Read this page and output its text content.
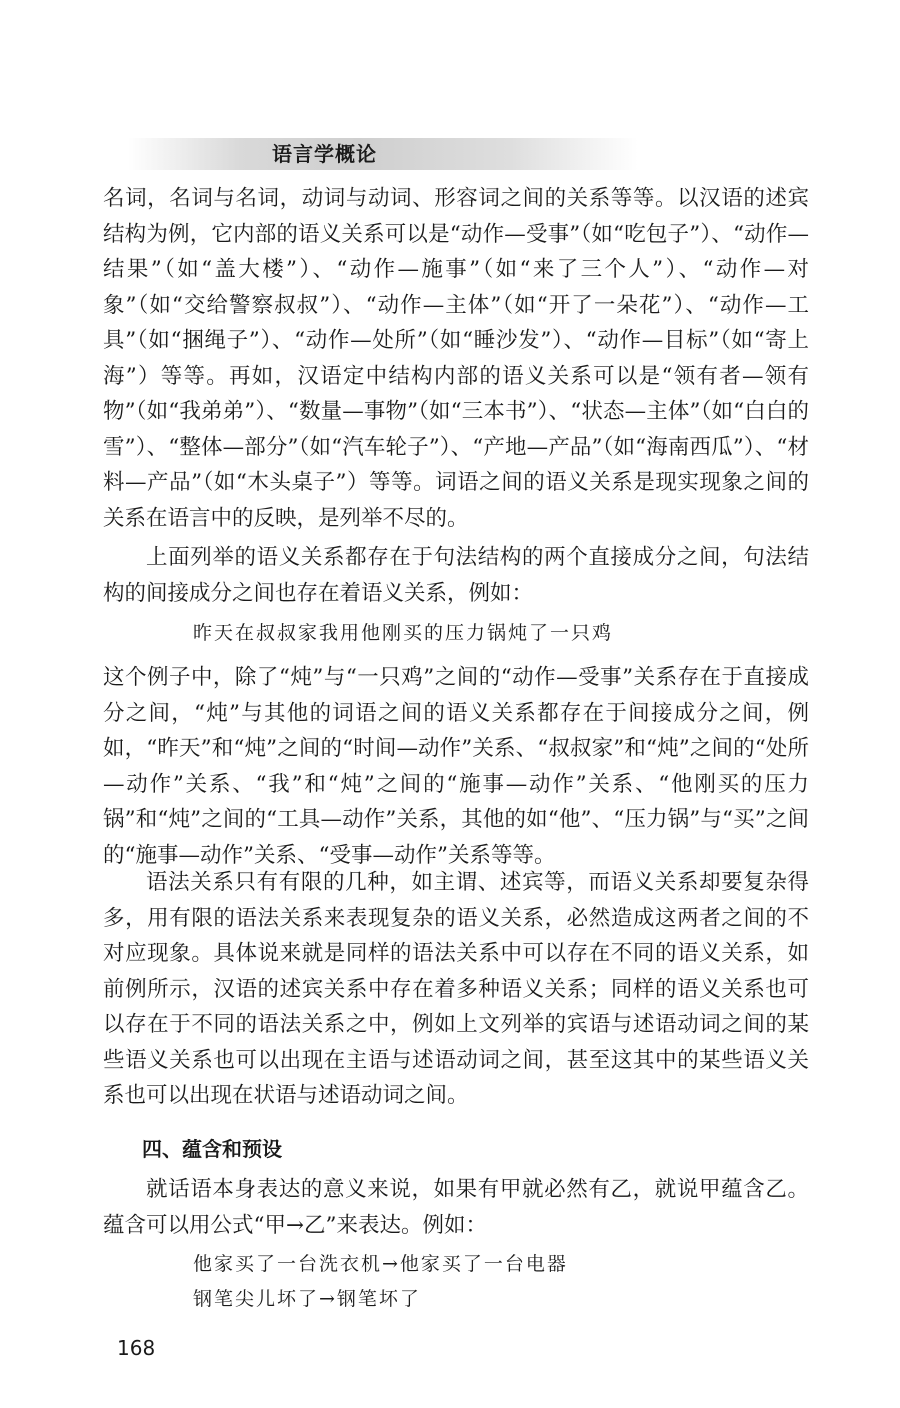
语言学概论

名词，名词与名词，动词与动词、形容词之间的关系等等。以汉语的述宾结构为例，它内部的语义关系可以是“动作—受事”（如“吃包子”）、“动作—结果”（如“盖大楼”）、“动作—施事”（如“来了三个人”）、“动作—对象”（如“交给警察叔叔”）、“动作—主体”（如“开了一朵花”）、“动作—工具”（如“捆绳子”）、“动作—处所”（如“睡沙发”）、“动作—目标”（如“寄上海”）等等。再如，汉语定中结构内部的语义关系可以是“领有者—领有物”（如“我弟弟”）、“数量—事物”（如“三本书”）、“状态—主体”（如“白白的雪”）、“整体—部分”（如“汽车轮子”）、“产地—产品”（如“海南西瓜”）、“材料—产品”（如“木头桌子”）等等。词语之间的语义关系是现实现象之间的关系在语言中的反映，是列举不尽的。

上面列举的语义关系都存在于句法结构的两个直接成分之间，句法结构的间接成分之间也存在着语义关系，例如：

昨天在叔叔家我用他刚买的压力锅炖了一只鸡

这个例子中，除了“炖”与“一只鸡”之间的“动作—受事”关系存在于直接成分之间，“炖”与其他的词语之间的语义关系都存在于间接成分之间，例如，“昨天”和“炖”之间的“时间—动作”关系、“叔叔家”和“炖”之间的“处所—动作”关系、“我”和“炖”之间的“施事—动作”关系、“他刚买的压力锅”和“炖”之间的“工具—动作”关系，其他的如“他”、“压力锅”与“买”之间的“施事—动作”关系、“受事—动作”关系等等。

语法关系只有有限的几种，如主谓、述宾等，而语义关系却要复杂得多，用有限的语法关系来表现复杂的语义关系，必然造成这两者之间的不对应现象。具体说来就是同样的语法关系中可以存在不同的语义关系，如前例所示，汉语的述宾关系中存在着多种语义关系；同样的语义关系也可以存在于不同的语法关系之中，例如上文列举的宾语与述语动词之间的某些语义关系也可以出现在主语与述语动词之间，甚至这其中的某些语义关系也可以出现在状语与述语动词之间。

四、蕴含和预设

就话语本身表达的意义来说，如果有甲就必然有乙，就说甲蕴含乙。蕴含可以用公式“甲→乙”来表达。例如：

他家买了一台洗衣机→他家买了一台电器

钢笔尖儿坏了→钢笔坏了

168
